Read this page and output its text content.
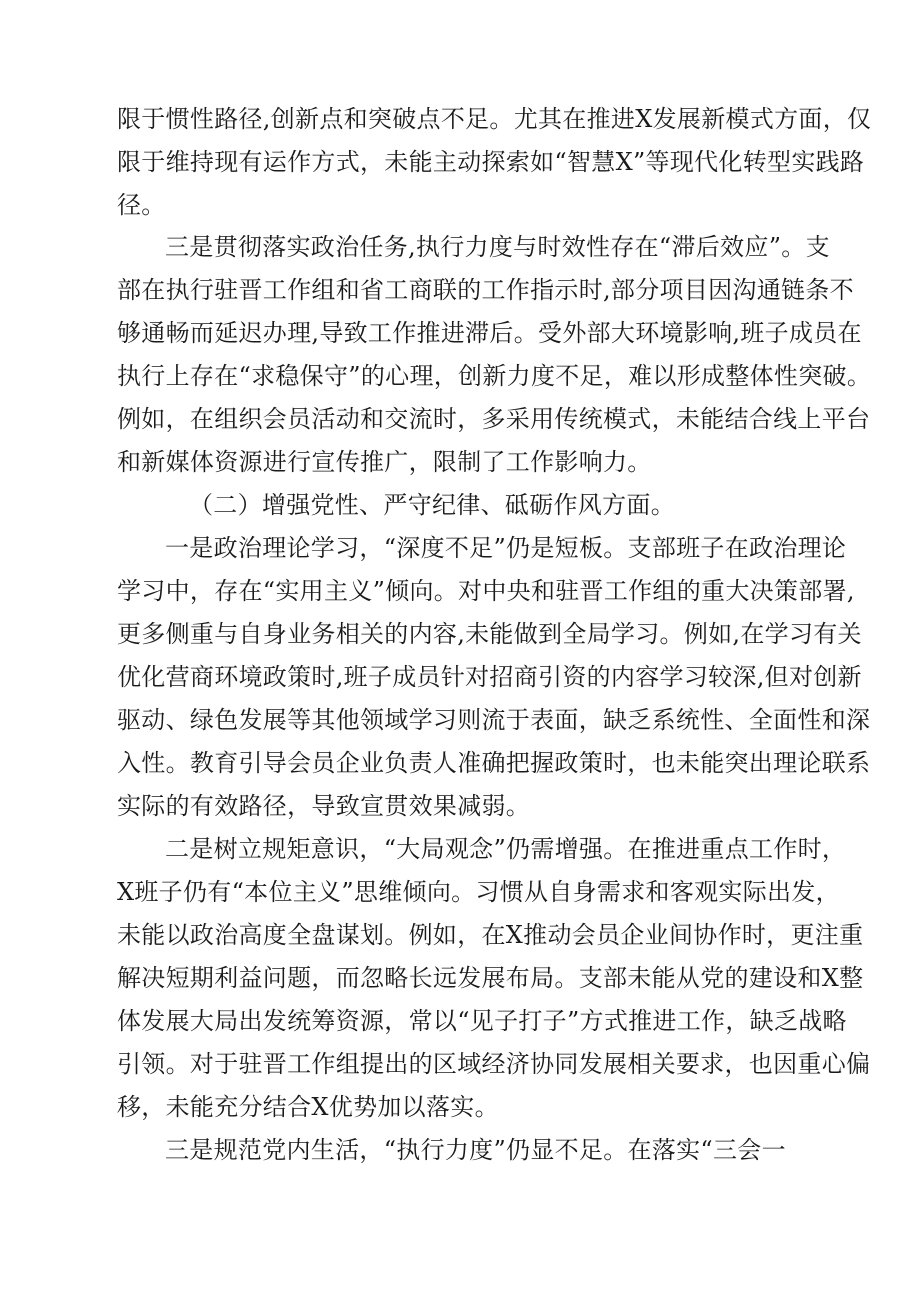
限于惯性路径,创新点和突破点不足。尤其在推进X发展新模式方面，仅
限于维持现有运作方式，未能主动探索如“智慧X”等现代化转型实践路
径。
三是贯彻落实政治任务,执行力度与时效性存在“滞后效应”。支
部在执行驻晋工作组和省工商联的工作指示时,部分项目因沟通链条不
够通畅而延迟办理,导致工作推进滞后。受外部大环境影响,班子成员在
执行上存在“求稳保守”的心理，创新力度不足，难以形成整体性突破。
例如，在组织会员活动和交流时，多采用传统模式，未能结合线上平台
和新媒体资源进行宣传推广，限制了工作影响力。
（二）增强党性、严守纪律、砥砺作风方面。
一是政治理论学习，“深度不足”仍是短板。支部班子在政治理论
学习中，存在“实用主义”倾向。对中央和驻晋工作组的重大决策部署,
更多侧重与自身业务相关的内容,未能做到全局学习。例如,在学习有关
优化营商环境政策时,班子成员针对招商引资的内容学习较深,但对创新
驱动、绿色发展等其他领域学习则流于表面，缺乏系统性、全面性和深
入性。教育引导会员企业负责人准确把握政策时，也未能突出理论联系
实际的有效路径，导致宣贯效果减弱。
二是树立规矩意识，“大局观念”仍需增强。在推进重点工作时，
X班子仍有“本位主义”思维倾向。习惯从自身需求和客观实际出发，
未能以政治高度全盘谋划。例如，在X推动会员企业间协作时，更注重
解决短期利益问题，而忽略长远发展布局。支部未能从党的建设和X整
体发展大局出发统筹资源，常以“见子打子”方式推进工作，缺乏战略
引领。对于驻晋工作组提出的区域经济协同发展相关要求，也因重心偏
移，未能充分结合X优势加以落实。
三是规范党内生活，“执行力度”仍显不足。在落实“三会一
